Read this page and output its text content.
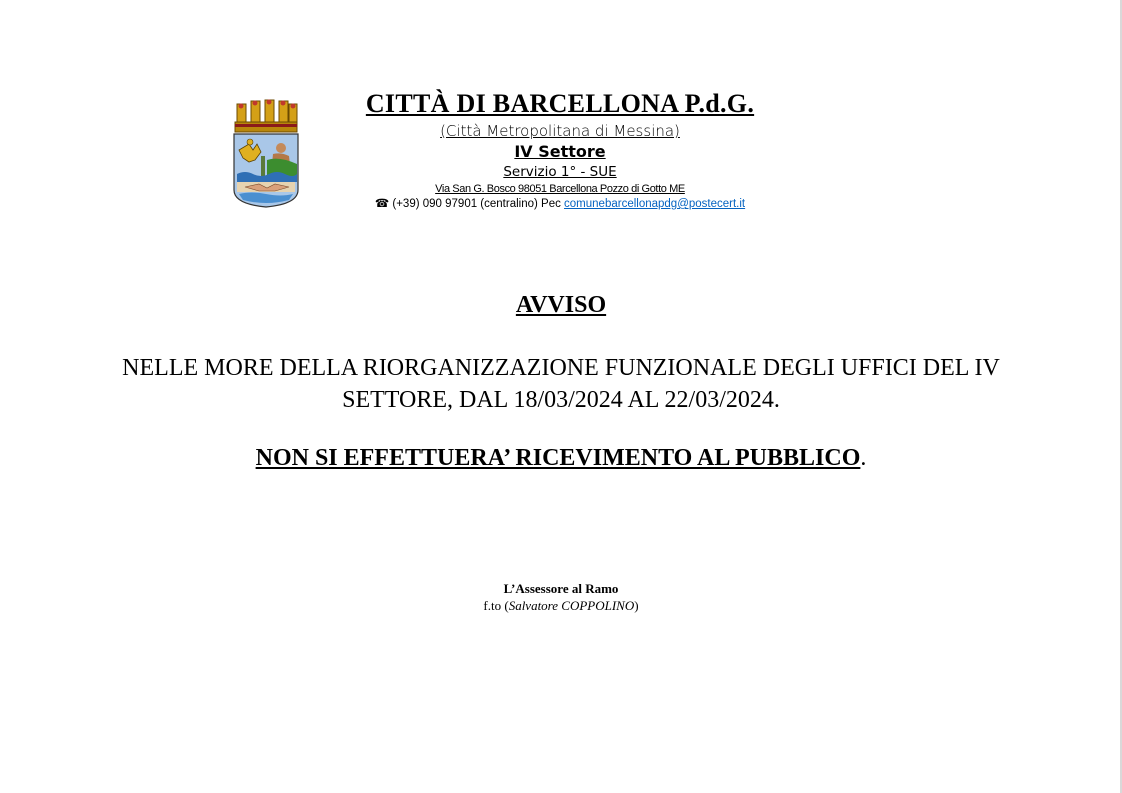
CITTÀ DI BARCELLONA P.d.G.
(Città Metropolitana di Messina)
IV Settore
Servizio 1° - SUE
Via San G. Bosco 98051 Barcellona Pozzo di Gotto ME
☎ (+39) 090 97901 (centralino) Pec comunebarcellonapdg@postecert.it
AVVISO
NELLE MORE DELLA RIORGANIZZAZIONE FUNZIONALE DEGLI UFFICI DEL IV
SETTORE, DAL 18/03/2024 AL 22/03/2024.
NON SI EFFETTUERA’ RICEVIMENTO AL PUBBLICO.
L’Assessore al Ramo
f.to (Salvatore COPPOLINO)
